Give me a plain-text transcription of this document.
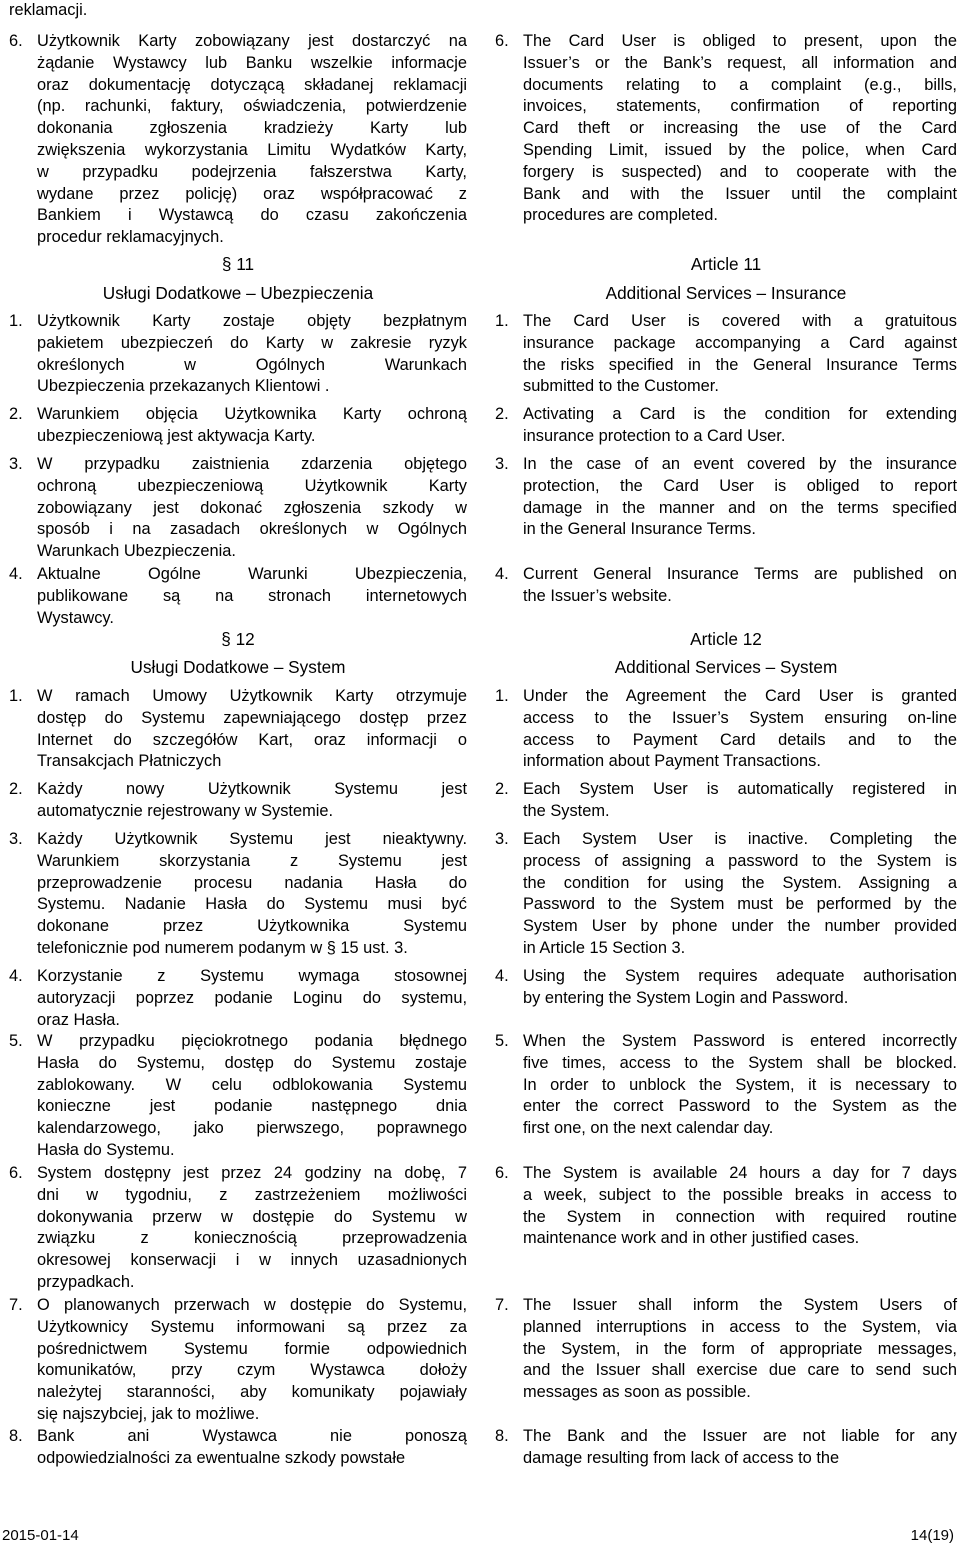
reklamacji.
6. Użytkownik Karty zobowiązany jest dostarczyć na
żądanie Wystawcy lub Banku wszelkie informacje
oraz dokumentację dotyczącą składanej reklamacji
(np. rachunki, faktury, oświadczenia, potwierdzenie
dokonania zgłoszenia kradzieży Karty lub
zwiększenia wykorzystania Limitu Wydatków Karty,
w przypadku podejrzenia fałszerstwa Karty,
wydane przez policję) oraz współpracować z
Bankiem i Wystawcą do czasu zakończenia
procedur reklamacyjnych.
§ 11
Usługi Dodatkowe – Ubezpieczenia
1. Użytkownik Karty zostaje objęty bezpłatnym
pakietem ubezpieczeń do Karty w zakresie ryzyk
określonych w Ogólnych Warunkach
Ubezpieczenia przekazanych Klientowi .
2. Warunkiem objęcia Użytkownika Karty ochroną
ubezpieczeniową jest aktywacja Karty.
3. W przypadku zaistnienia zdarzenia objętego
ochroną ubezpieczeniową Użytkownik Karty
zobowiązany jest dokonać zgłoszenia szkody w
sposób i na zasadach określonych w Ogólnych
Warunkach Ubezpieczenia.
4. Aktualne Ogólne Warunki Ubezpieczenia,
publikowane są na stronach internetowych
Wystawcy.
§ 12
Usługi Dodatkowe – System
1. W ramach Umowy Użytkownik Karty otrzymuje
dostęp do Systemu zapewniającego dostęp przez
Internet do szczegółów Kart, oraz informacji o
Transakcjach Płatniczych
2. Każdy nowy Użytkownik Systemu jest
automatycznie rejestrowany w Systemie.
3. Każdy Użytkownik Systemu jest nieaktywny.
Warunkiem skorzystania z Systemu jest
przeprowadzenie procesu nadania Hasła do
Systemu. Nadanie Hasła do Systemu musi być
dokonane przez Użytkownika Systemu
telefonicznie pod numerem podanym w § 15 ust. 3.
4. Korzystanie z Systemu wymaga stosownej
autoryzacji poprzez podanie Loginu do systemu,
oraz Hasła.
5. W przypadku pięciokrotnego podania błędnego
Hasła do Systemu, dostęp do Systemu zostaje
zablokowany. W celu odblokowania Systemu
konieczne jest podanie następnego dnia
kalendarzowego, jako pierwszego, poprawnego
Hasła do Systemu.
6. System dostępny jest przez 24 godziny na dobę, 7
dni w tygodniu, z zastrzeżeniem możliwości
dokonywania przerw w dostępie do Systemu w
związku z koniecznością przeprowadzenia
okresowej konserwacji i w innych uzasadnionych
przypadkach.
7. O planowanych przerwach w dostępie do Systemu,
Użytkownicy Systemu informowani są przez za
pośrednictwem Systemu formie odpowiednich
komunikatów, przy czym Wystawca dołoży
należytej staranności, aby komunikaty pojawiały
się najszybciej, jak to możliwe.
8. Bank ani Wystawca nie ponoszą
odpowiedzialności za ewentualne szkody powstałe
6. The Card User is obliged to present, upon the
Issuer’s or the Bank’s request, all information and
documents relating to a complaint (e.g., bills,
invoices, statements, confirmation of reporting
Card theft or increasing the use of the Card
Spending Limit, issued by the police, when Card
forgery is suspected) and to cooperate with the
Bank and with the Issuer until the complaint
procedures are completed.
Article 11
Additional Services – Insurance
1. The Card User is covered with a gratuitous
insurance package accompanying a Card against
the risks specified in the General Insurance Terms
submitted to the Customer.
2. Activating a Card is the condition for extending
insurance protection to a Card User.
3. In the case of an event covered by the insurance
protection, the Card User is obliged to report
damage in the manner and on the terms specified
in the General Insurance Terms.
4. Current General Insurance Terms are published on
the Issuer’s website.
Article 12
Additional Services – System
1. Under the Agreement the Card User is granted
access to the Issuer’s System ensuring on-line
access to Payment Card details and to the
information about Payment Transactions.
2. Each System User is automatically registered in
the System.
3. Each System User is inactive. Completing the
process of assigning a password to the System is
the condition for using the System. Assigning a
Password to the System must be performed by the
System User by phone under the number provided
in Article 15 Section 3.
4. Using the System requires adequate authorisation
by entering the System Login and Password.
5. When the System Password is entered incorrectly
five times, access to the System shall be blocked.
In order to unblock the System, it is necessary to
enter the correct Password to the System as the
first one, on the next calendar day.
6. The System is available 24 hours a day for 7 days
a week, subject to the possible breaks in access to
the System in connection with required routine
maintenance work and in other justified cases.
7. The Issuer shall inform the System Users of
planned interruptions in access to the System, via
the System, in the form of appropriate messages,
and the Issuer shall exercise due care to send such
messages as soon as possible.
8. The Bank and the Issuer are not liable for any
damage resulting from lack of access to the
2015-01-14	14(19)
